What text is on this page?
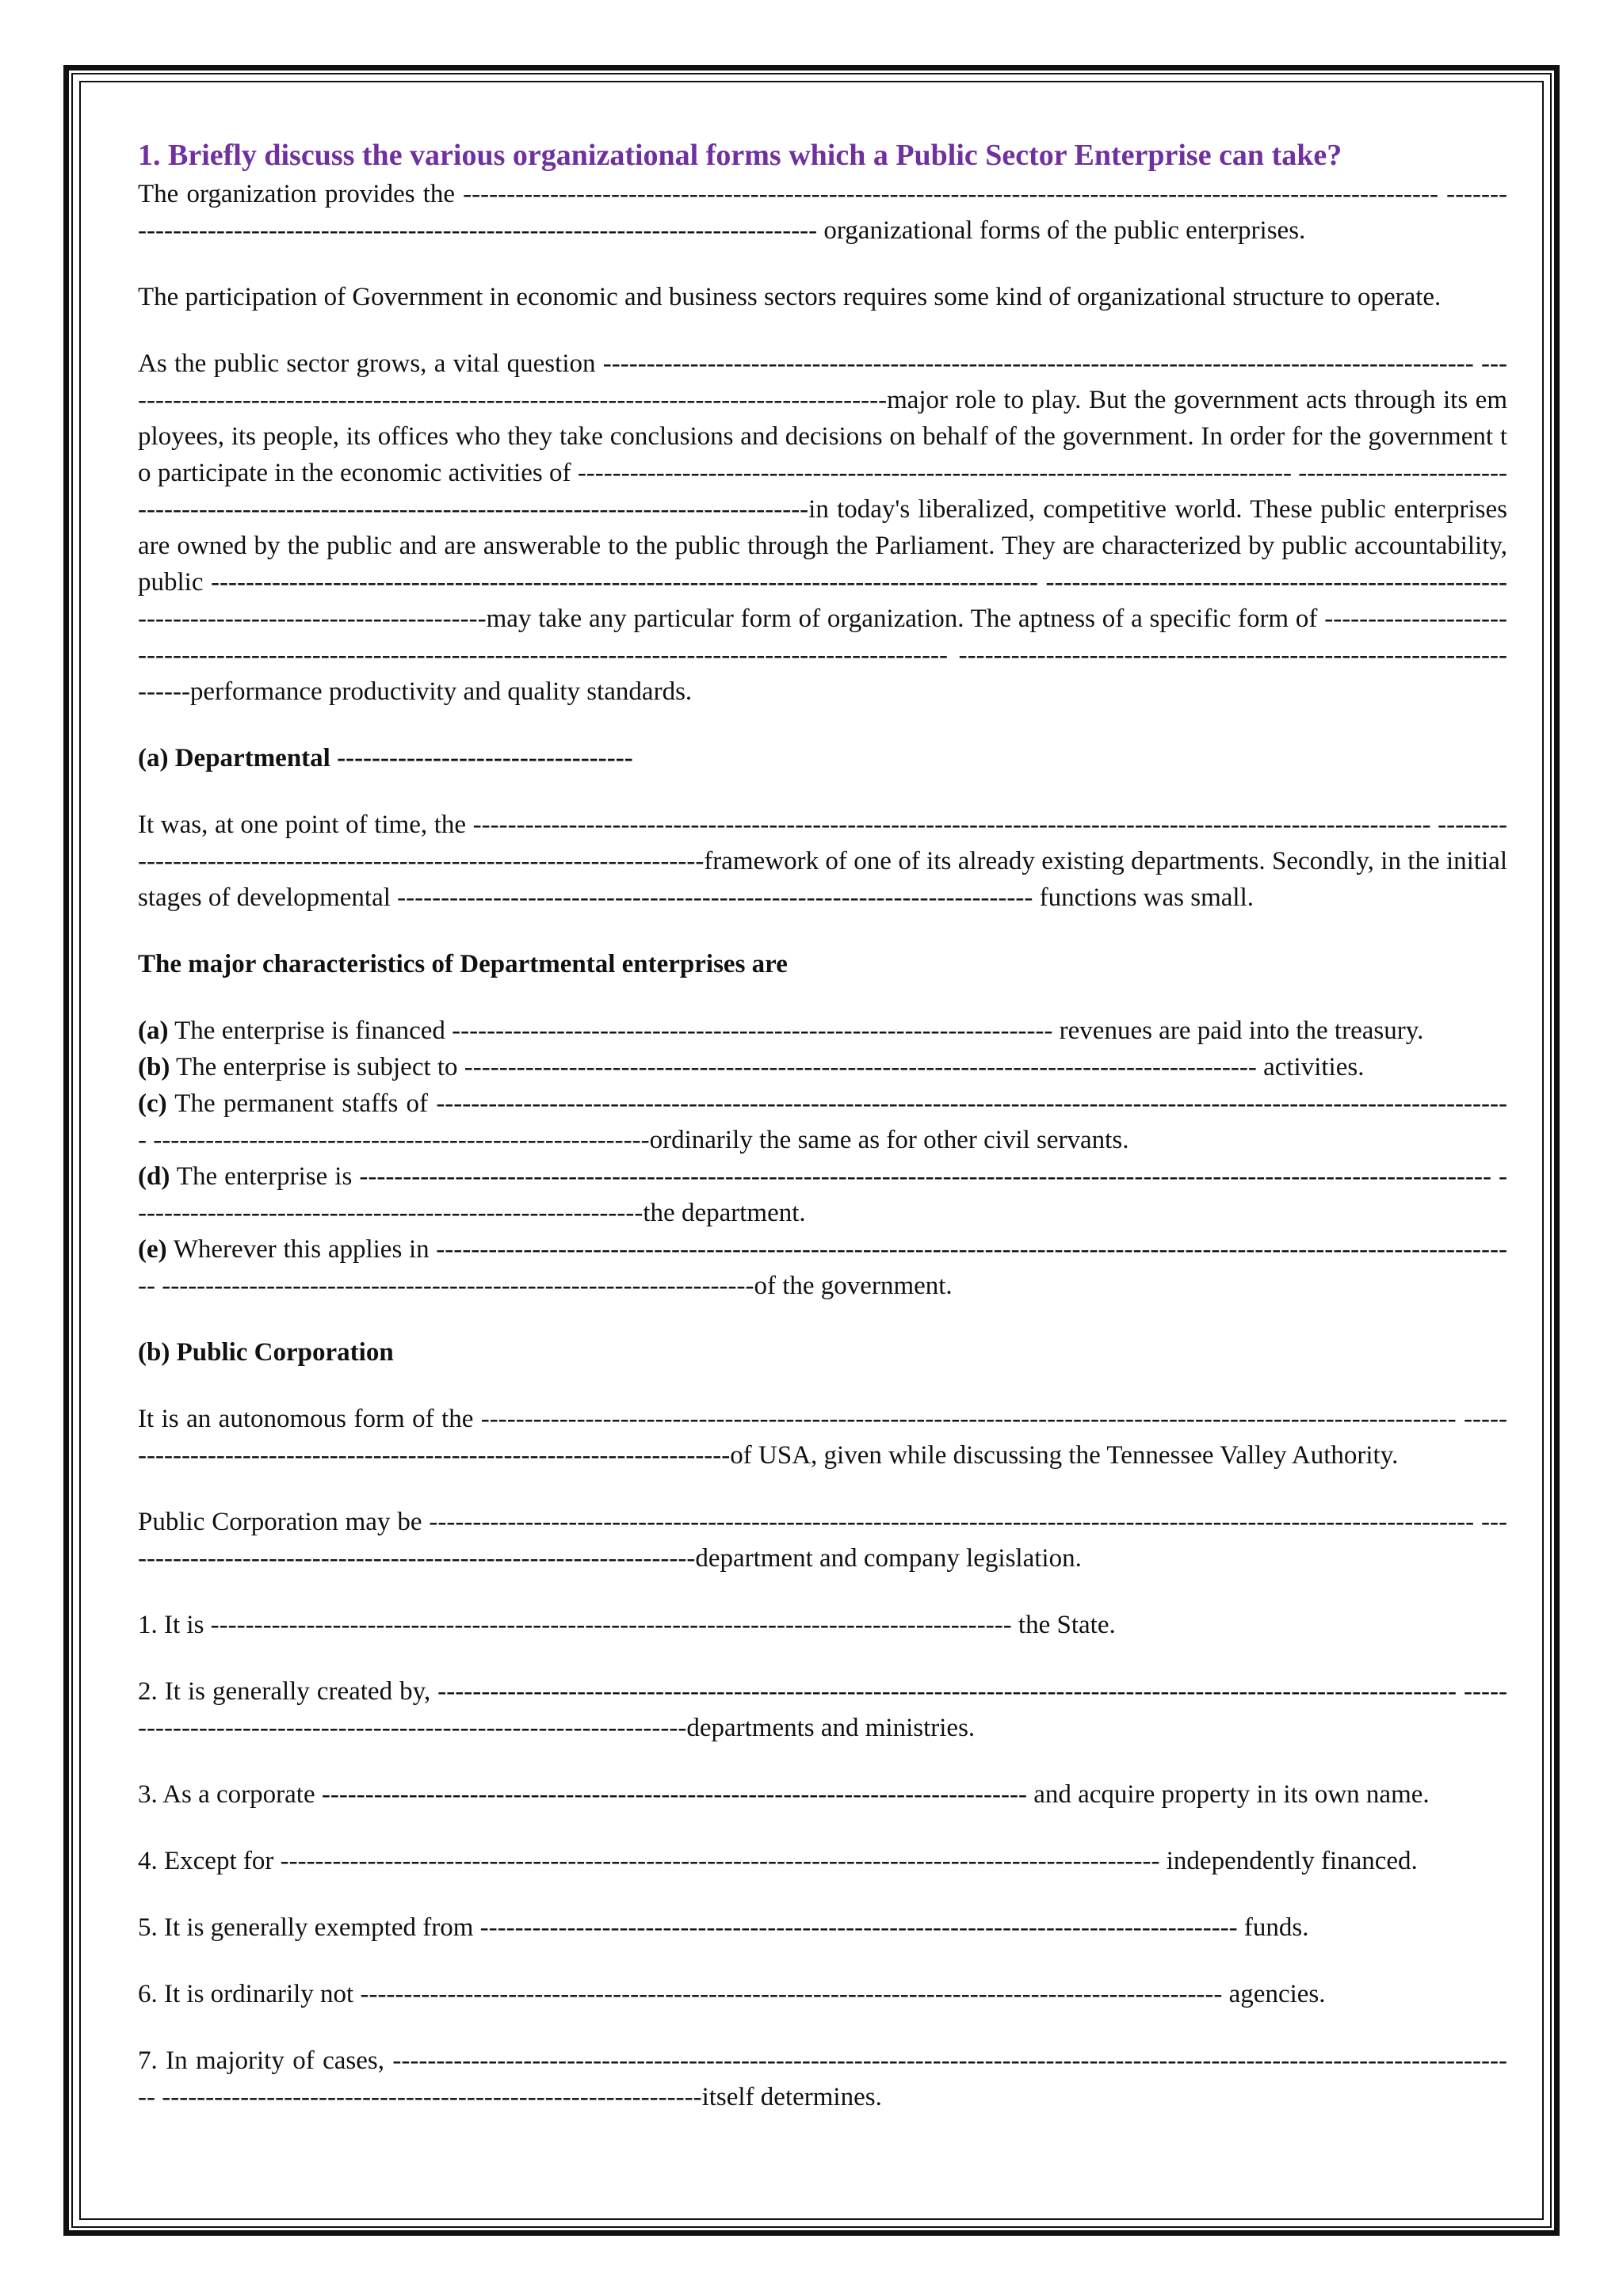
1. Briefly discuss the various organizational forms which a Public Sector Enterprise can take?

The organization provides the ---------------------------------------------------------------------------------------------------------------- ------------------------------------------------------------------------------------- organizational forms of the public enterprises.

The participation of Government in economic and business sectors requires some kind of organizational structure to operate.

As the public sector grows, a vital question ---------------------------------------------------------------------------------------------------- -----------------------------------------------------------------------------------------major role to play. But the government acts through its employees, its people, its offices who they take conclusions and decisions on behalf of the government. In order for the government to participate in the economic activities of ---------------------------------------------------------------------------------- -----------------------------------------------------------------------------------------------------in today's liberalized, competitive world. These public enterprises are owned by the public and are answerable to the public through the Parliament. They are characterized by public accountability, public ----------------------------------------------------------------------------------------------- ---------------------------------------------------------------------------------------------may take any particular form of organization. The aptness of a specific form of ------------------------------------------------------------------------------------------------------------------ ---------------------------------------------------------------------performance productivity and quality standards.

(a) Departmental ----------------------------------

It was, at one point of time, the -------------------------------------------------------------------------------------------------------------- -------------------------------------------------------------------------framework of one of its already existing departments. Secondly, in the initial stages of developmental ------------------------------------------------------------------------- functions was small.

The major characteristics of Departmental enterprises are

(a) The enterprise is financed --------------------------------------------------------------------- revenues are paid into the treasury.
(b) The enterprise is subject to ------------------------------------------------------------------------------------------- activities.
(c) The permanent staffs of ---------------------------------------------------------------------------------------------------------------------------- ---------------------------------------------------------ordinarily the same as for other civil servants.
(d) The enterprise is ---------------------------------------------------------------------------------------------------------------------------------- -----------------------------------------------------------the department.
(e) Wherever this applies in ----------------------------------------------------------------------------------------------------------------------------- --------------------------------------------------------------------of the government.

(b) Public Corporation

It is an autonomous form of the ---------------------------------------------------------------------------------------------------------------- -------------------------------------------------------------------------of USA, given while discussing the Tennessee Valley Authority.

Public Corporation may be ------------------------------------------------------------------------------------------------------------------------ -------------------------------------------------------------------department and company legislation.

1. It is -------------------------------------------------------------------------------------------- the State.

2. It is generally created by, --------------------------------------------------------------------------------------------------------------------- --------------------------------------------------------------------departments and ministries.

3. As a corporate --------------------------------------------------------------------------------- and acquire property in its own name.

4. Except for ----------------------------------------------------------------------------------------------------- independently financed.

5. It is generally exempted from --------------------------------------------------------------------------------------- funds.

6. It is ordinarily not --------------------------------------------------------------------------------------------------- agencies.

7. In majority of cases, ---------------------------------------------------------------------------------------------------------------------------------- --------------------------------------------------------------itself determines.
